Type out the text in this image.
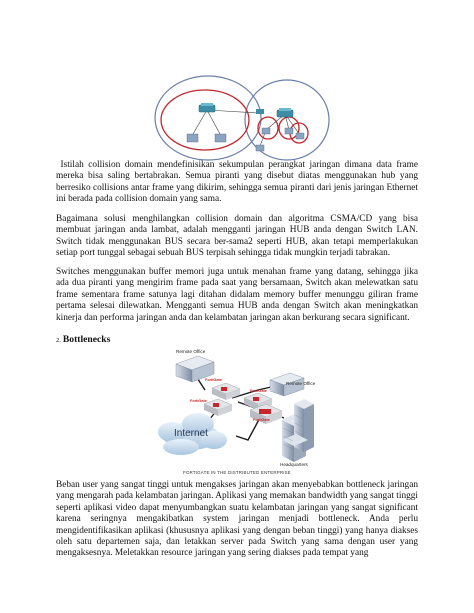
Istilah collision domain mendefinisikan sekumpulan perangkat jaringan dimana data frame mereka bisa saling bertabrakan. Semua piranti yang disebut diatas menggunakan hub yang berresiko collisions antar frame yang dikirim, sehingga semua piranti dari jenis jaringan Ethernet ini berada pada collision domain yang sama.

Bagaimana solusi menghilangkan collision domain dan algoritma CSMA/CD yang bisa membuat jaringan anda lambat, adalah mengganti jaringan HUB anda dengan Switch LAN. Switch tidak menggunakan BUS secara ber-sama2 seperti HUB, akan tetapi memperlakukan setiap port tunggal sebagai sebuah BUS terpisah sehingga tidak mungkin terjadi tabrakan.

Switches menggunakan buffer memori juga untuk menahan frame yang datang, sehingga jika ada dua piranti yang mengirim frame pada saat yang bersamaan, Switch akan melewatkan satu frame sementara frame satunya lagi ditahan didalam memory buffer menunggu giliran frame pertama selesai dilewatkan. Mengganti semua HUB anda dengan Switch akan meningkatkan kinerja dan performa jaringan anda dan kelambatan jaringan akan berkurang secara significant.

2. Bottlenecks

Remote Office
Remote Office
FortiGate
FortiGate
FortiGate
FortiGate
Internet
Headquarters
FORTIGATE IN THE DISTRIBUTED ENTERPRISE

Beban user yang sangat tinggi untuk mengakses jaringan akan menyebabkan bottleneck jaringan yang mengarah pada kelambatan jaringan. Aplikasi yang memakan bandwidth yang sangat tinggi seperti aplikasi video dapat menyumbangkan suatu kelambatan jaringan yang sangat significant karena seringnya mengakibatkan system jaringan menjadi bottleneck. Anda perlu mengidentifikasikan aplikasi (khususnya aplikasi yang dengan beban tinggi) yang hanya diakses oleh satu departemen saja, dan letakkan server pada Switch yang sama dengan user yang mengaksesnya. Meletakkan resource jaringan yang sering diakses pada tempat yang
